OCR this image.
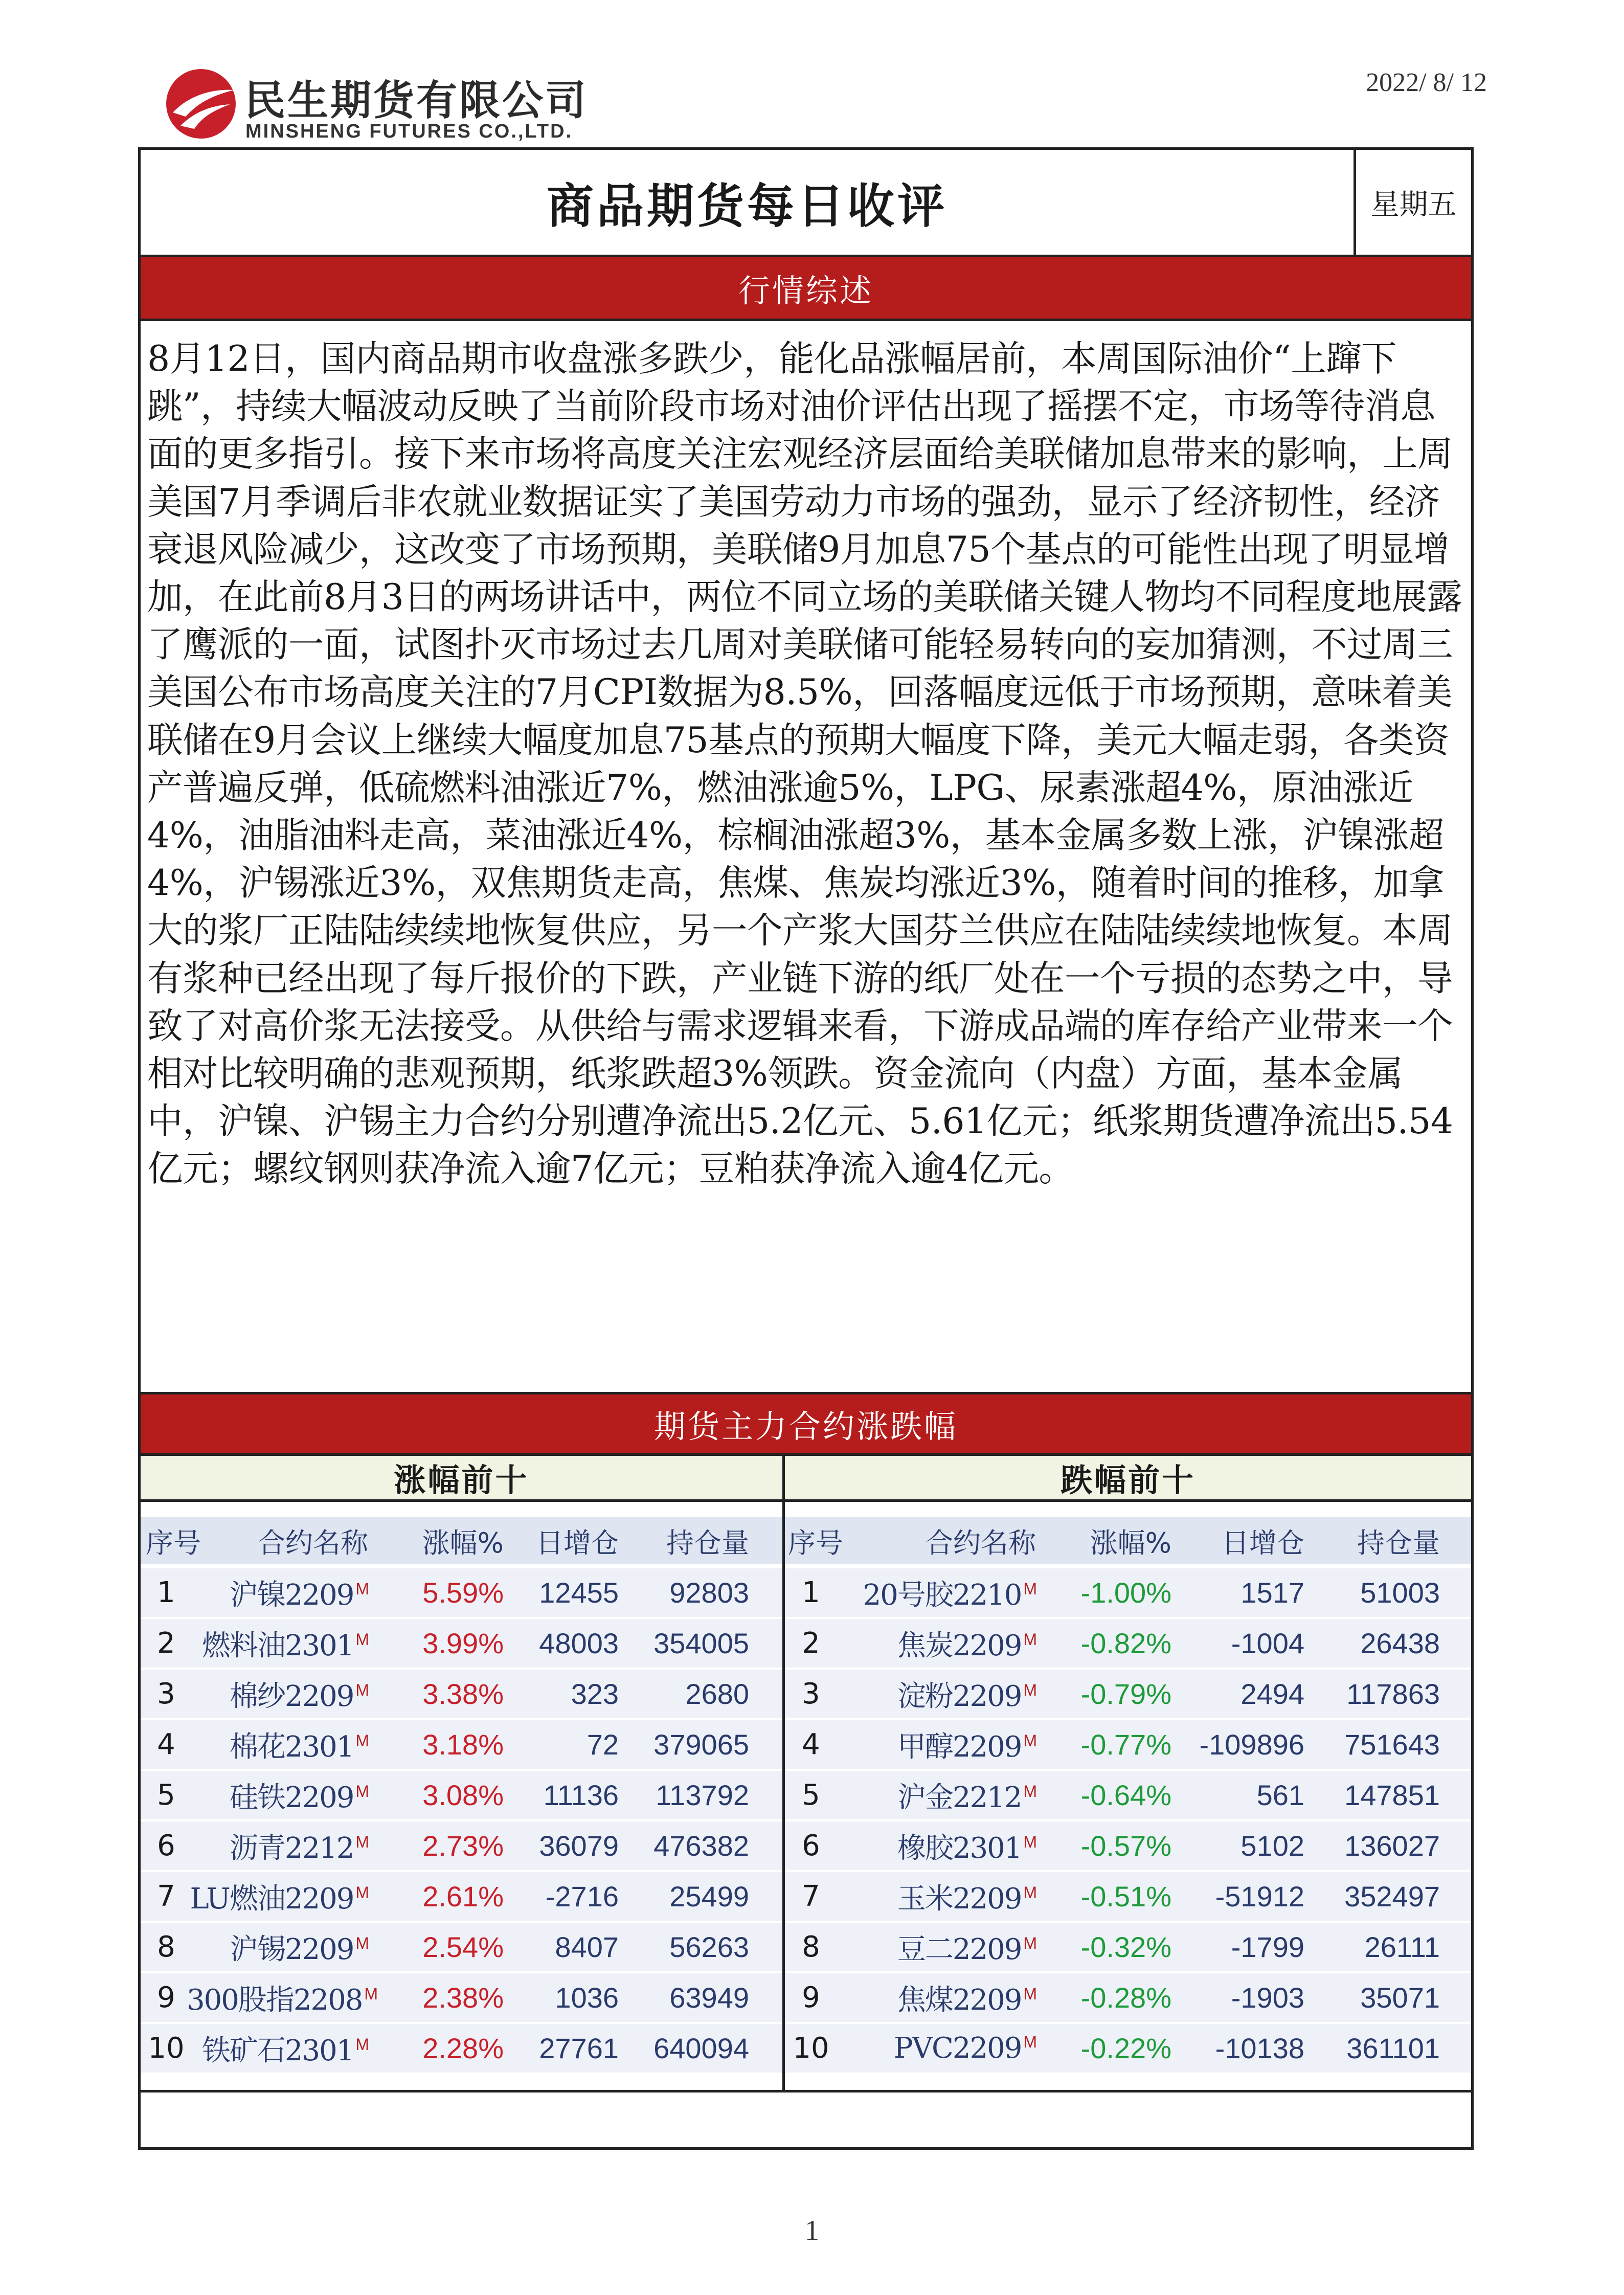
民生期货有限公司
MINSHENG FUTURES CO.,LTD.
2022/ 8/ 12
商品期货每日收评	星期五
行情综述
8月12日，国内商品期市收盘涨多跌少，能化品涨幅居前，本周国际油价“上蹿下跳”，持续大幅波动反映了当前阶段市场对油价评估出现了摇摆不定，市场等待消息面的更多指引。接下来市场将高度关注宏观经济层面给美联储加息带来的影响，上周美国7月季调后非农就业数据证实了美国劳动力市场的强劲，显示了经济韧性，经济衰退风险减少，这改变了市场预期，美联储9月加息75个基点的可能性出现了明显增加，在此前8月3日的两场讲话中，两位不同立场的美联储关键人物均不同程度地展露了鹰派的一面，试图扑灭市场过去几周对美联储可能轻易转向的妄加猜测，不过周三美国公布市场高度关注的7月CPI数据为8.5%，回落幅度远低于市场预期，意味着美联储在9月会议上继续大幅度加息75基点的预期大幅度下降，美元大幅走弱，各类资产普遍反弹，低硫燃料油涨近7%，燃油涨逾5%，LPG、尿素涨超4%，原油涨近4%，油脂油料走高，菜油涨近4%，棕榈油涨超3%，基本金属多数上涨，沪镍涨超4%，沪锡涨近3%，双焦期货走高，焦煤、焦炭均涨近3%，随着时间的推移，加拿大的浆厂正陆陆续续地恢复供应，另一个产浆大国芬兰供应在陆陆续续地恢复。本周有浆种已经出现了每斤报价的下跌，产业链下游的纸厂处在一个亏损的态势之中，导致了对高价浆无法接受。从供给与需求逻辑来看，下游成品端的库存给产业带来一个相对比较明确的悲观预期，纸浆跌超3%领跌。资金流向（内盘）方面，基本金属中，沪镍、沪锡主力合约分别遭净流出5.2亿元、5.61亿元；纸浆期货遭净流出5.54亿元；螺纹钢则获净流入逾7亿元；豆粕获净流入逾4亿元。
期货主力合约涨跌幅
涨幅前十
序号	合约名称	涨幅%	日增仓	持仓量
1	沪镍2209 $^M$	5.59%	12455	92803
2 燃料油2301 $^M$	3.99%	48003	354005
3	棉纱2209 $^M$	3.38%	323	2680
4	棉花2301 $^M$	3.18%	72	379065
5	硅铁2209 $^M$	3.08%	11136	113792
6	沥青2212 $^M$	2.73%	36079	476382
7 LU燃油2209 $^M$	2.61%	-2716	25499
8	沪锡2209 $^M$	2.54%	8407	56263
9 300股指2208 $^M$	2.38%	1036	63949
10 铁矿石2301 $^M$	2.28%	27761	640094
跌幅前十
序号	合约名称	涨幅%	日增仓	持仓量
1	20号胶2210 $^M$	-1.00%	1517	51003
2	焦炭2209 $^M$	-0.82%	-1004	26438
3	淀粉2209 $^M$	-0.79%	2494	117863
4	甲醇2209 $^M$	-0.77% -109896	751643
5	沪金2212 $^M$	-0.64%	561	147851
6	橡胶2301 $^M$	-0.57%	5102	136027
7	玉米2209 $^M$	-0.51%	-51912	352497
8	豆二2209 $^M$	-0.32%	-1799	26111
9	焦煤2209 $^M$	-0.28%	-1903	35071
10	PVC2209 $^M$	-0.22%	-10138	361101
1
